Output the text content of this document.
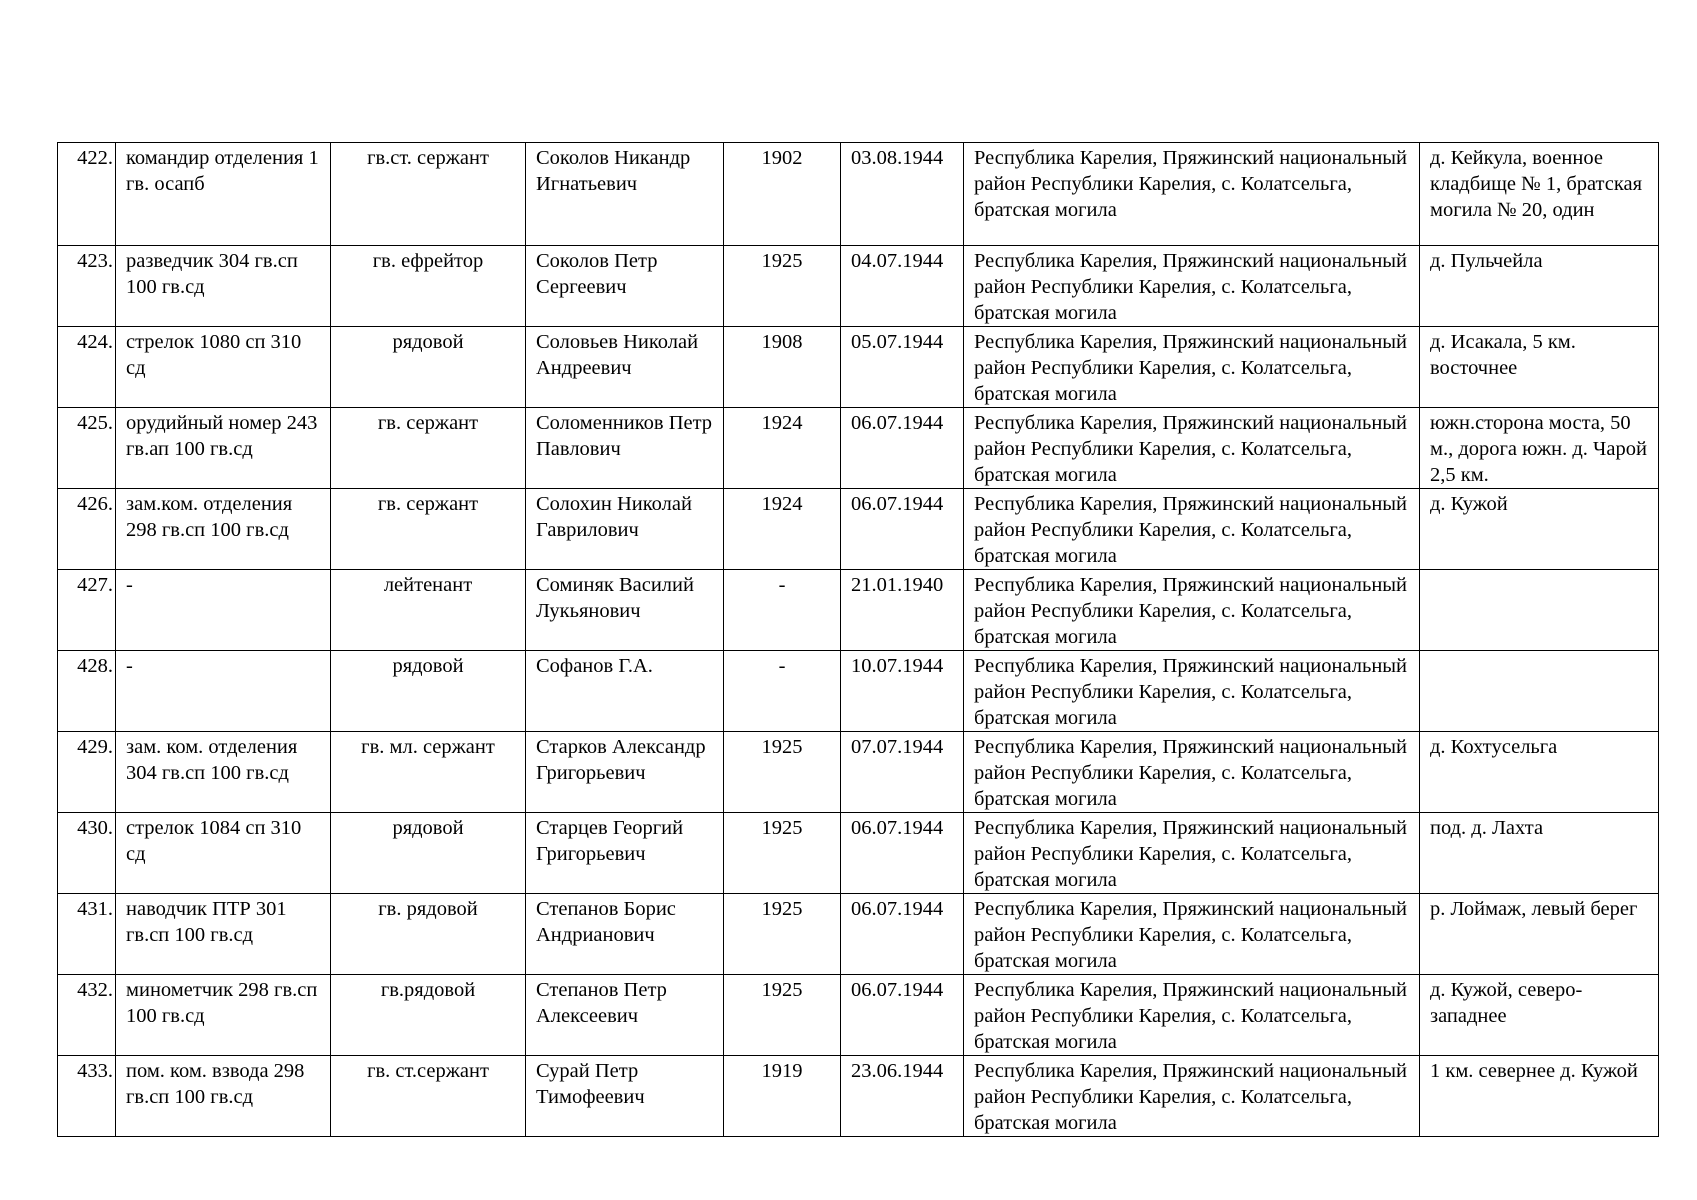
422.	командир отделения 1 гв. осапб	гв.ст. сержант	Соколов Никандр Игнатьевич	1902	03.08.1944	Республика Карелия, Пряжинский национальный район Республики Карелия, с. Колатсельга, братская могила	д. Кейкула, военное кладбище № 1, братская могила № 20, один
423.	разведчик 304 гв.сп 100 гв.сд	гв. ефрейтор	Соколов Петр Сергеевич	1925	04.07.1944	Республика Карелия, Пряжинский национальный район Республики Карелия, с. Колатсельга, братская могила	д. Пульчейла
424.	стрелок 1080 сп 310 сд	рядовой	Соловьев Николай Андреевич	1908	05.07.1944	Республика Карелия, Пряжинский национальный район Республики Карелия, с. Колатсельга, братская могила	д. Исакала, 5 км. восточнее
425.	орудийный номер 243 гв.ап 100 гв.сд	гв. сержант	Соломенников Петр Павлович	1924	06.07.1944	Республика Карелия, Пряжинский национальный район Республики Карелия, с. Колатсельга, братская могила	южн.сторона моста, 50 м., дорога южн. д. Чарой 2,5 км.
426.	зам.ком. отделения 298 гв.сп 100 гв.сд	гв. сержант	Солохин Николай Гаврилович	1924	06.07.1944	Республика Карелия, Пряжинский национальный район Республики Карелия, с. Колатсельга, братская могила	д. Кужой
427.	-	лейтенант	Соминяк Василий Лукьянович	-	21.01.1940	Республика Карелия, Пряжинский национальный район Республики Карелия, с. Колатсельга, братская могила	
428.	-	рядовой	Софанов Г.А.	-	10.07.1944	Республика Карелия, Пряжинский национальный район Республики Карелия, с. Колатсельга, братская могила	
429.	зам. ком. отделения 304 гв.сп 100 гв.сд	гв. мл. сержант	Старков Александр Григорьевич	1925	07.07.1944	Республика Карелия, Пряжинский национальный район Республики Карелия, с. Колатсельга, братская могила	д. Кохтусельга
430.	стрелок 1084 сп 310 сд	рядовой	Старцев Георгий Григорьевич	1925	06.07.1944	Республика Карелия, Пряжинский национальный район Республики Карелия, с. Колатсельга, братская могила	под. д. Лахта
431.	наводчик ПТР 301 гв.сп 100 гв.сд	гв. рядовой	Степанов Борис Андрианович	1925	06.07.1944	Республика Карелия, Пряжинский национальный район Республики Карелия, с. Колатсельга, братская могила	р. Лоймаж, левый берег
432.	минометчик 298 гв.сп 100 гв.сд	гв.рядовой	Степанов Петр Алексеевич	1925	06.07.1944	Республика Карелия, Пряжинский национальный район Республики Карелия, с. Колатсельга, братская могила	д. Кужой, северо-западнее
433.	пом. ком. взвода 298 гв.сп 100 гв.сд	гв. ст.сержант	Сурай Петр Тимофеевич	1919	23.06.1944	Республика Карелия, Пряжинский национальный район Республики Карелия, с. Колатсельга, братская могила	1 км. севернее д. Кужой
